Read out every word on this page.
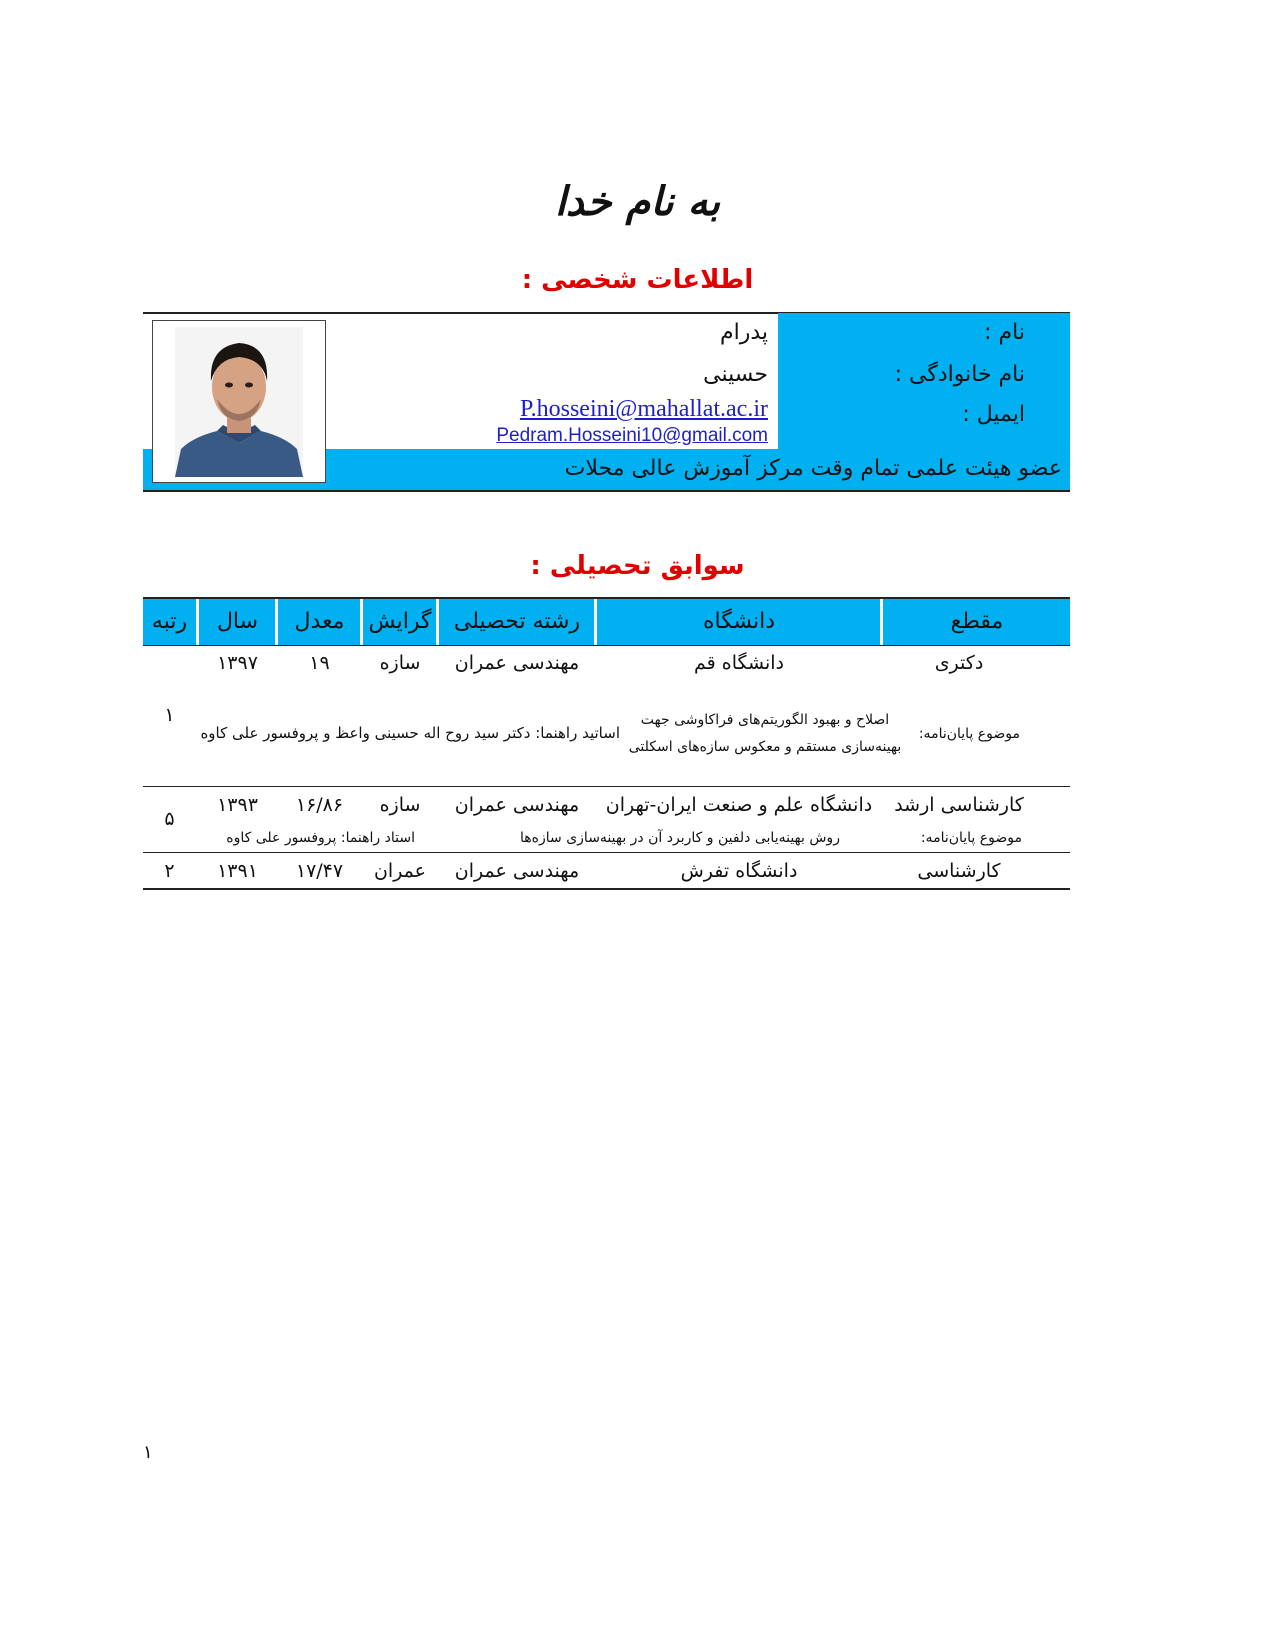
به نام خدا
اطلاعات شخصی :
نام :
نام خانوادگی :
ایمیل :
پدرام
حسینی
P.hosseini@mahallat.ac.ir
Pedram.Hosseini10@gmail.com
عضو هیئت علمی تمام وقت مرکز آموزش عالی محلات
سوابق تحصیلی :
مقطع
دانشگاه
رشته تحصیلی
گرایش
معدل
سال
رتبه
دکتری
دانشگاه قم
مهندسی عمران
سازه
۱۹
۱۳۹۷
۱
موضوع پایان‌نامه:
اصلاح و بهبود الگوریتم‌های فراکاوشی جهت
بهینه‌سازی مستقم و معکوس سازه‌های اسکلتی
اساتید راهنما: دکتر سید روح اله حسینی واعظ و پروفسور علی کاوه
کارشناسی ارشد
دانشگاه علم و صنعت ایران-تهران
مهندسی عمران
سازه
۱۶/۸۶
۱۳۹۳
۵
موضوع پایان‌نامه:
روش بهینه‌یابی دلفین و کاربرد آن در بهینه‌سازی سازه‌ها
استاد راهنما: پروفسور علی کاوه
کارشناسی
دانشگاه تفرش
مهندسی عمران
عمران
۱۷/۴۷
۱۳۹۱
۲
۱
